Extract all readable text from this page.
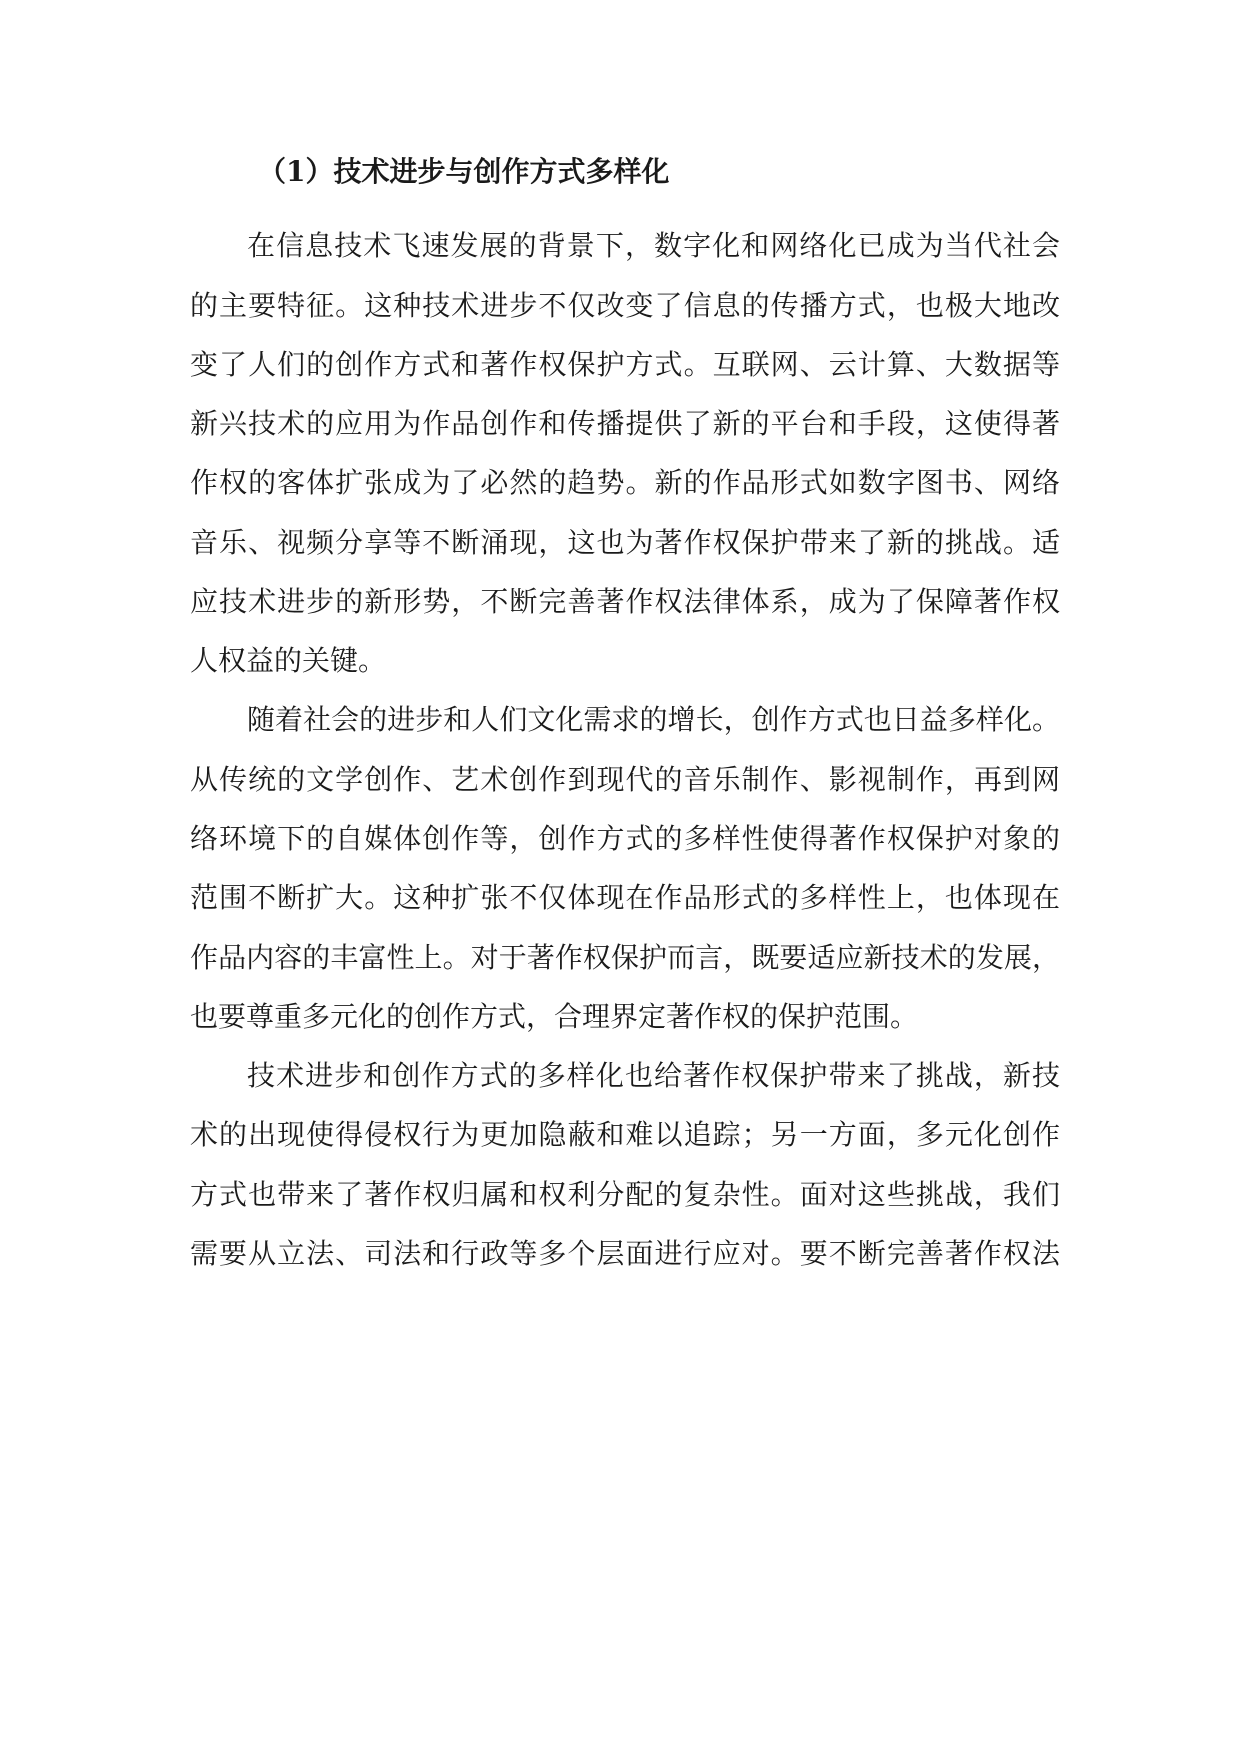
（1）技术进步与创作方式多样化
在信息技术飞速发展的背景下，数字化和网络化已成为当代社会
的主要特征。这种技术进步不仅改变了信息的传播方式，也极大地改
变了人们的创作方式和著作权保护方式。互联网、云计算、大数据等
新兴技术的应用为作品创作和传播提供了新的平台和手段，这使得著
作权的客体扩张成为了必然的趋势。新的作品形式如数字图书、网络
音乐、视频分享等不断涌现，这也为著作权保护带来了新的挑战。适
应技术进步的新形势，不断完善著作权法律体系，成为了保障著作权
人权益的关键。
随着社会的进步和人们文化需求的增长，创作方式也日益多样化。
从传统的文学创作、艺术创作到现代的音乐制作、影视制作，再到网
络环境下的自媒体创作等，创作方式的多样性使得著作权保护对象的
范围不断扩大。这种扩张不仅体现在作品形式的多样性上，也体现在
作品内容的丰富性上。对于著作权保护而言，既要适应新技术的发展，
也要尊重多元化的创作方式，合理界定著作权的保护范围。
技术进步和创作方式的多样化也给著作权保护带来了挑战，新技
术的出现使得侵权行为更加隐蔽和难以追踪；另一方面，多元化创作
方式也带来了著作权归属和权利分配的复杂性。面对这些挑战，我们
需要从立法、司法和行政等多个层面进行应对。要不断完善著作权法
